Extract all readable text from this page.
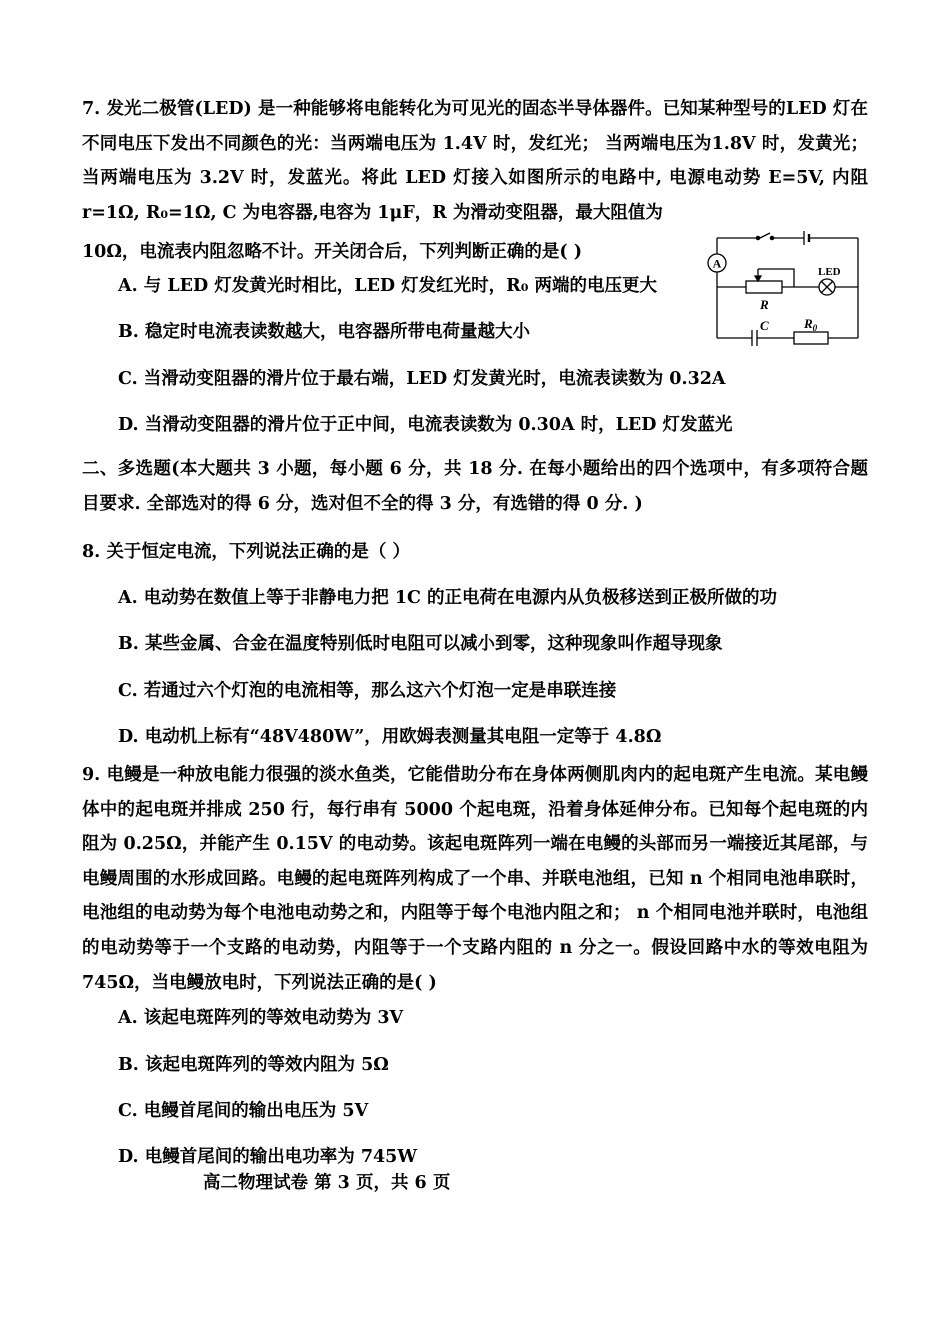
7. 发光二极管(LED) 是一种能够将电能转化为可见光的固态半导体器件。已知某种型号的LED 灯在不同电压下发出不同颜色的光：当两端电压为 1.4V 时，发红光； 当两端电压为1.8V 时，发黄光； 当两端电压为 3.2V 时，发蓝光。将此 LED 灯接入如图所示的电路中, 电源电动势 E=5V, 内阻 r=1Ω, R₀=1Ω, C 为电容器,电容为 1μF，R 为滑动变阻器，最大阻值为
10Ω，电流表内阻忽略不计。开关闭合后，下列判断正确的是( )
A
R
LED
C	$R_0$
A. 与 LED 灯发黄光时相比，LED 灯发红光时，R₀ 两端的电压更大
B. 稳定时电流表读数越大，电容器所带电荷量越大小
C. 当滑动变阻器的滑片位于最右端，LED 灯发黄光时，电流表读数为 0.32A
D. 当滑动变阻器的滑片位于正中间，电流表读数为 0.30A 时，LED 灯发蓝光
二、多选题(本大题共 3 小题，每小题 6 分，共 18 分. 在每小题给出的四个选项中，有多项符合题目要求. 全部选对的得 6 分，选对但不全的得 3 分，有选错的得 0 分. )
8. 关于恒定电流，下列说法正确的是（ ）
A. 电动势在数值上等于非静电力把 1C 的正电荷在电源内从负极移送到正极所做的功
B. 某些金属、合金在温度特别低时电阻可以减小到零，这种现象叫作超导现象
C. 若通过六个灯泡的电流相等，那么这六个灯泡一定是串联连接
D. 电动机上标有“48V480W”，用欧姆表测量其电阻一定等于 4.8Ω
9. 电鳗是一种放电能力很强的淡水鱼类，它能借助分布在身体两侧肌肉内的起电斑产生电流。某电鳗体中的起电斑并排成 250 行，每行串有 5000 个起电斑，沿着身体延伸分布。已知每个起电斑的内阻为 0.25Ω，并能产生 0.15V 的电动势。该起电斑阵列一端在电鳗的头部而另一端接近其尾部，与电鳗周围的水形成回路。电鳗的起电斑阵列构成了一个串、并联电池组，已知 n 个相同电池串联时，电池组的电动势为每个电池电动势之和，内阻等于每个电池内阻之和； n 个相同电池并联时，电池组的电动势等于一个支路的电动势，内阻等于一个支路内阻的 n 分之一。假设回路中水的等效电阻为 745Ω，当电鳗放电时，下列说法正确的是( )
A. 该起电斑阵列的等效电动势为 3V
B. 该起电斑阵列的等效内阻为 5Ω
C. 电鳗首尾间的输出电压为 5V
D. 电鳗首尾间的输出电功率为 745W
高二物理试卷 第 3 页，共 6 页
